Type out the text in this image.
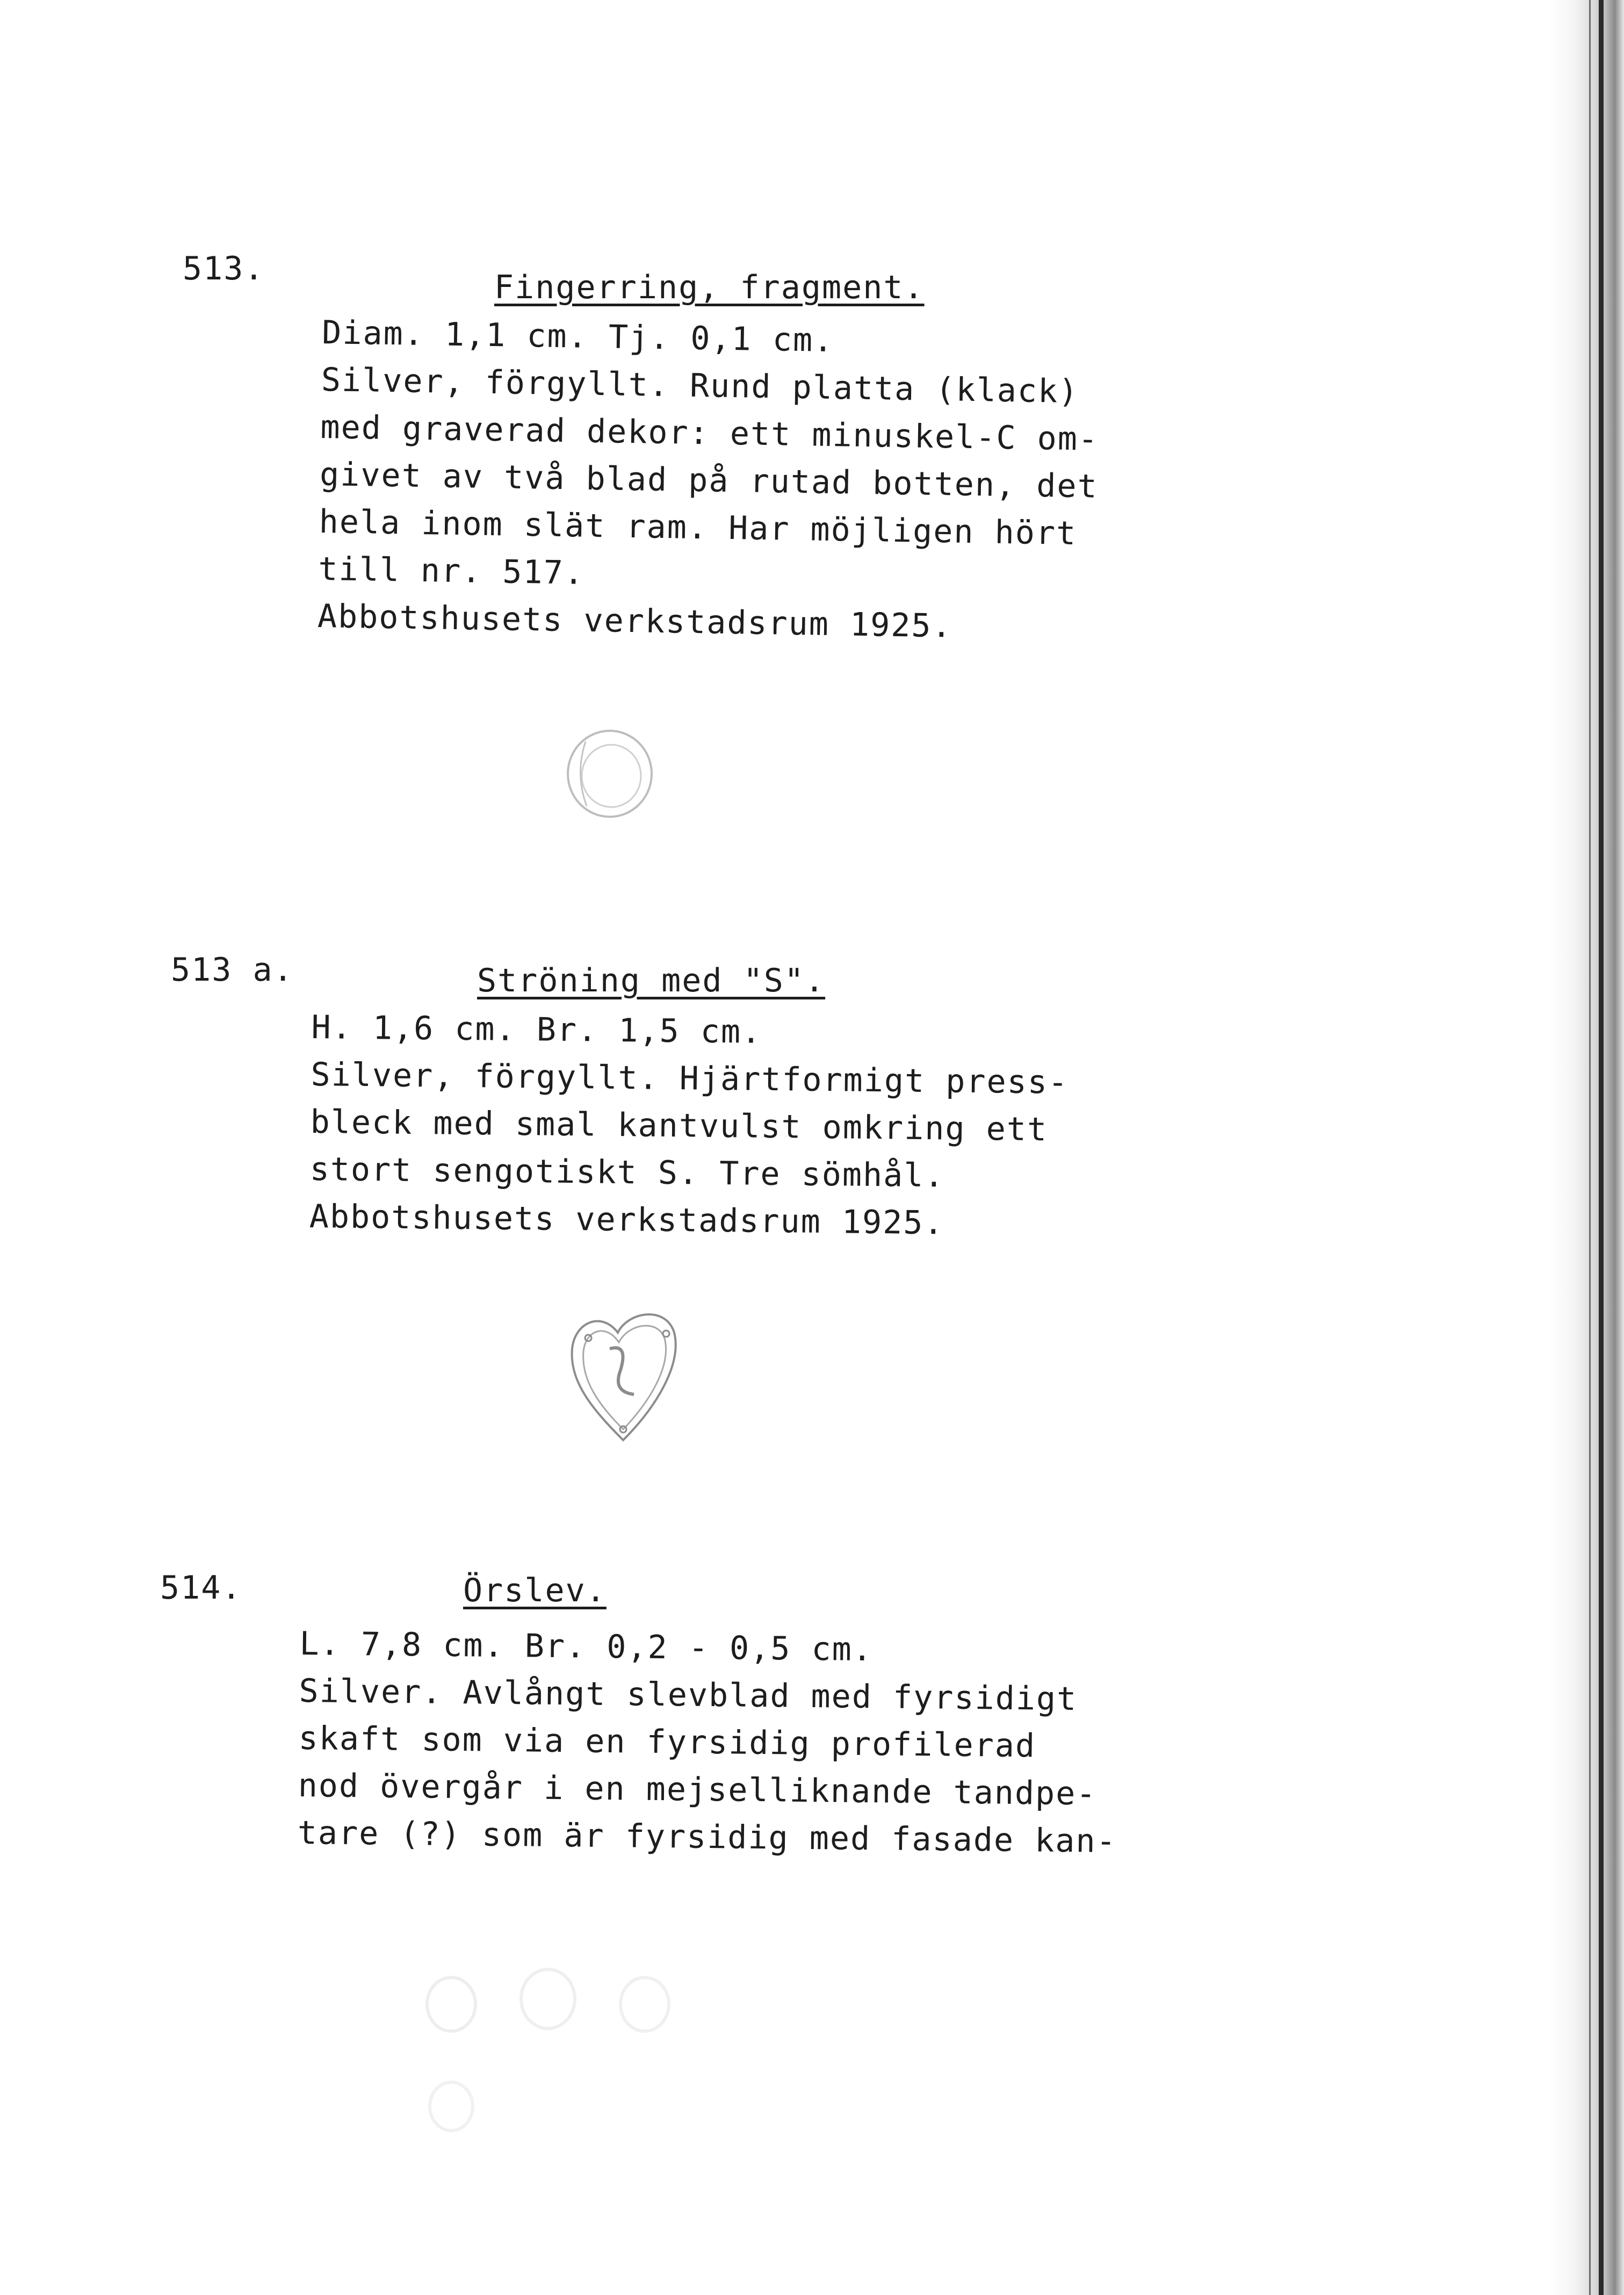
513.	Fingerring, fragment.
Diam. 1,1 cm. Tj. 0,1 cm.
Silver, förgyllt. Rund platta (klack)
med graverad dekor: ett minuskel-C om-
givet av två blad på rutad botten, det
hela inom slät ram. Har möjligen hört
till nr. 517.
Abbotshusets verkstadsrum 1925.
513 a.	Ströning med "S".
H. 1,6 cm. Br. 1,5 cm.
Silver, förgyllt. Hjärtformigt press-
bleck med smal kantvulst omkring ett
stort sengotiskt S. Tre sömhål.
Abbotshusets verkstadsrum 1925.
514.	Örslev.
L. 7,8 cm. Br. 0,2 - 0,5 cm.
Silver. Avlångt slevblad med fyrsidigt
skaft som via en fyrsidig profilerad
nod övergår i en mejselliknande tandpe-
tare (?) som är fyrsidig med fasade kan-
